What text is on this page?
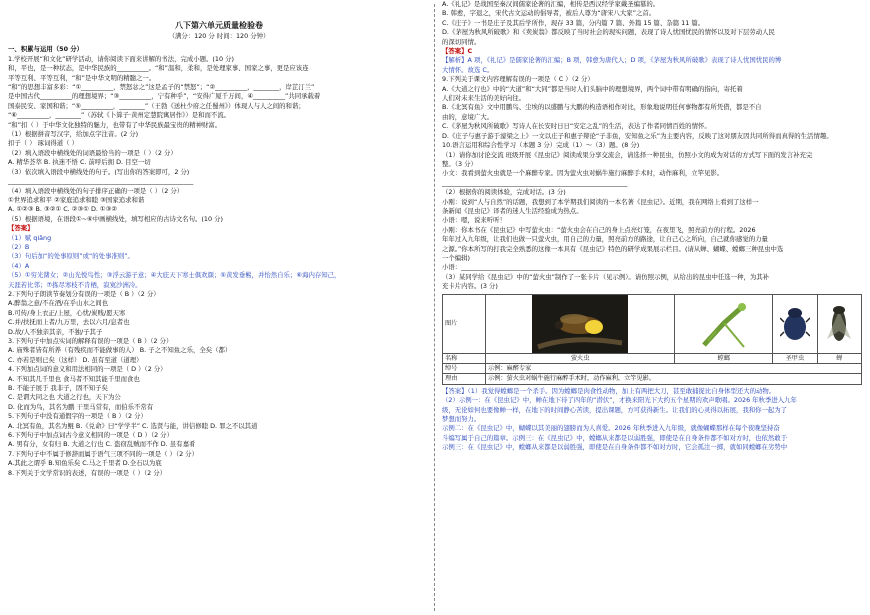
八下第六单元质量检验卷
（满分：120 分 时间：120 分钟）
一、积累与运用（50 分）
1.学校开展“和文化”研学活动，请你阅读下面来讲解的书法，完成小题。(10 分)
和，平也，是一种状态，是中华民族的__________。“和”温和，柔和，是处理家事、国家之事，更是应该连
平等互利、平等互利，“和”是中华文明的精髓之一。
“和”的思想丰富多彩：“①__________，禁怒忿之”这是孟子的“禁怒”；“②__________，________，岸芷汀兰”
是中国古代__________的理想境界；“③__________，宁有种乎”，“安得广厦千万间，④__________”共同承载着
国泰民安、家国和谐；“⑤__________，________”（王勃《送杜少府之任蜀州》）体现人与人之间的和谐；
“⑥__________，________”（苏轼《卜算子·黄州定慧院寓居作》）是和而不流。
“和”扣（ ）于中华文化独特的魅力，也带有了中华民族最宝贵的精神财富。
（1）根据拼音写汉字，给加点字注音。(2 分)
扣子（ ） 琢词得道（ ）
（2）填入语段中横线处的词语最恰当的一项是（ ）（2 分）
A. 精华荟萃 B. 执迷不悟 C. 前呼后拥 D. 目空一切
（3）依次填入语段中横线处的句子。(写出你的答案即可，2 分)
__________________________________________________________
（4）填入语段中横线处的句子排序正确的一项是（ ）（2 分）
①世界追求和平 ②家庭追求和睦 ③国家追求和谐
A. ①②③ B. ③②① C. ②③① D. ①③②
（5）根据语境，在语段①~⑥中画横线处，填写相应的古诗文名句。(10 分)
【答案】
（1）赋 qiǎng
（2）B
（3）句后加“的处事原则”或“的处事准则”。
（4）A
（5）①穷光凿女；②山光悦鸟性；③浮云游子意；④大庇天下寒士俱欢颜；⑤黄发垂髫，并怡然自乐；⑥海内存知己，
天涯若比邻；⑦拣尽寒枝不肯栖，寂寞沙洲冷。
2.下列句子朗读节奏划分有误的一项是（ B ）（2 分）
A.醉翁之意/不在酒/在乎山水之间也
B.可传/身上衣正/上屋，心忧/炭贱/愿天寒
C.并/扶抚而上者/九万里，去以六月/息者也
D.故/人不独亲其亲，不独/子其子
3.下列句子中加点实词的解释有误的一项是（ B ）（2 分）
A. 庙殊者皆有所养（有残疾而不能做事的人） B. 子之不知鱼之乐，全矣（都）
C. 亦若是则已矣（这样） D. 虽有至道（道理）
4.下列加点词的意义和用法相同的一项是（ D ）（2 分）
A. 不知其几千里也 食马者不知其能千里而食也
B. 不能子展于 我非子，固不知子矣
C. 是谓大同之也 大道之行也，天下为公
D. 化而为鸟，其名为鹏 干里马常有，而伯乐不常有
5.下列句子中没有通假字的一项是（ B ）（2 分）
A. 北冥有鱼，其名为鲲 B.《兑命》曰“学学半” C. 选贤与能，讲信修睦 D. 罪之不以其道
6.下列句子中加点词古今意义相同的一项是（ D ）（2 分）
A. 男有分，女有归 B. 大道之行也 C. 盗窃乱贼而不作 D. 虽有嘉肴
7.下列句子中不属于修辞而属于语气三项不同的一项是（ ）（2 分）
A.其此之谓乎 B.知鱼乐矣 C.马之千里者 D.全石以为底
8.下列关于文学常识的表述，有误的一项是（ ）（2 分）
A.《礼记》是战国至秦汉间儒家论著的汇编，相传是西汉经学家戴圣编纂的。
B. 韩愈，字退之，宋代古文运动的倡导者，被后人尊为“唐宋八大家”之首。
C.《庄子》一书是庄子及其后学所作，现存 33 篇，分内篇 7 篇、外篇 15 篇、杂篇 11 篇。
D.《茅屋为秋风所破歌》和《卖炭翁》都反映了当时社会的现实问题，表现了诗人忧国忧民的情怀以及对下层劳动人民
的深切同情。
【答案】C
【解析】A 项，《礼记》是儒家论著的汇编；B 项，韩愈为唐代人；D 项，《茅屋为秋风所破歌》表现了诗人忧国忧民的博
大情怀。故选 C。
9.下列关于课文内容理解有误的一项是（ C ）（2 分）
A.《大道之行也》中的“大道”和“大同”都是当时人们头脑中的理想境界，两个词中带有明确的指向，寄托着
人们对未来生活的美好向往。
B.《北冥有鱼》文中用鹏鸟、尘埃的以盛鹏与大鹏的构造语相作对比，形象地说明任何事物都有所凭借，都是不自
由的，意境广大。
C.《茅屋为秋风所破歌》写诗人在长安时日日“安定之乱”的生活，表达了作者同情百姓的情怀。
D.《庄子与惠子游于濠梁之上》一文以庄子和惠子辩论“子非鱼，安知鱼之乐”为主要内容，反映了这对朋友因共同所得而真得的生活情趣。
10.语言运用和综合性学习（本题 3 分）完成（1）～（3）题。(8 分)
（1）请你加讨论交流 班级开展《昆虫记》阅读成果分享交流会，请选择一种昆虫，仿照小文的成为对话的方式写下面的发言补充完
整。（3 分）
小文：我看到萤火虫就是一个麻醉专家。因为萤火虫对蜗牛施行麻醉手术时，动作麻利，立竿见影。
__________________________________________________________
（2）根据你的阅读体验，完成对话。(3 分)
小刚：说到“人与自然”的话题，我想到了本学期我们阅读的一本名著《昆虫记》。近期，我在网络上看到了这样一
条新闻《昆虫记》译者的迷人生活经验成为热点。
小语：嗯，说来听听！
小刚：你本书在《昆虫记》中写萤火虫：“萤火虫会在自己的身上点亮灯笼，在夜里飞，照亮前方的行程。2026
年年过入九年级，让我们也做一只萤火虫，用自己的力量，照亮前方的路途，让自己心之所向，自己就你感觉的力量
之源。”你本所写的打我完全熟悉的这像一本具有《昆虫记》特色的研学成果展示栏目。(请从蝉、蝴蝶、螳螂三种昆虫中选
一个编辑)
小语：__________________________________________________
（3）某同学给《昆虫记》中的“萤火虫”制作了一张卡片（见示例）。请仿照示例，从给出的昆虫中任选一种，为其补
充卡片内容。(3 分)
图片	

名称	萤火虫	螳螂	圣甲虫	蝉
绰号	示例：麻醉专家			
理由	示例：萤火虫对蜗牛施行麻醉手术时，动作麻利，立竿见影。			
【答案】（1）我觉得螳螂是一个杀手。因为螳螂是肉食性动物，加上有两把大刀，甚至敢捕捉比自身体型还大的动物。
（2）示例一：在《昆虫记》中，蝉在地下待了四年的“潜伏”，才换来阳光下大约五个星期的欢声歌唱。2026 年秋季进入九年
级，无论如何也要像蝉一样，在地下的时间静心苦读，提出课题，方可获得新生。让我们的心灵得以拓展，我和你一起为了
梦想而努力。
示例二：在《昆虫记》中，蝴蝶以其美丽的翅膀而为人喜爱。2026 年秋季进入九年级，就像蝴蝶那样在每个夜晚坚持奋
斗编写属于自己的篇章。示例三：在《昆虫记》中，螳螂从来都是以弱胜强，即使是在自身条件都不如对方时，也依然敢于
示例三：在《昆虫记》中，螳螂从来都是以弱胜强，即使是在自身条件都不如对方时，它会孤注一掷，就如同螳螂在劣势中
